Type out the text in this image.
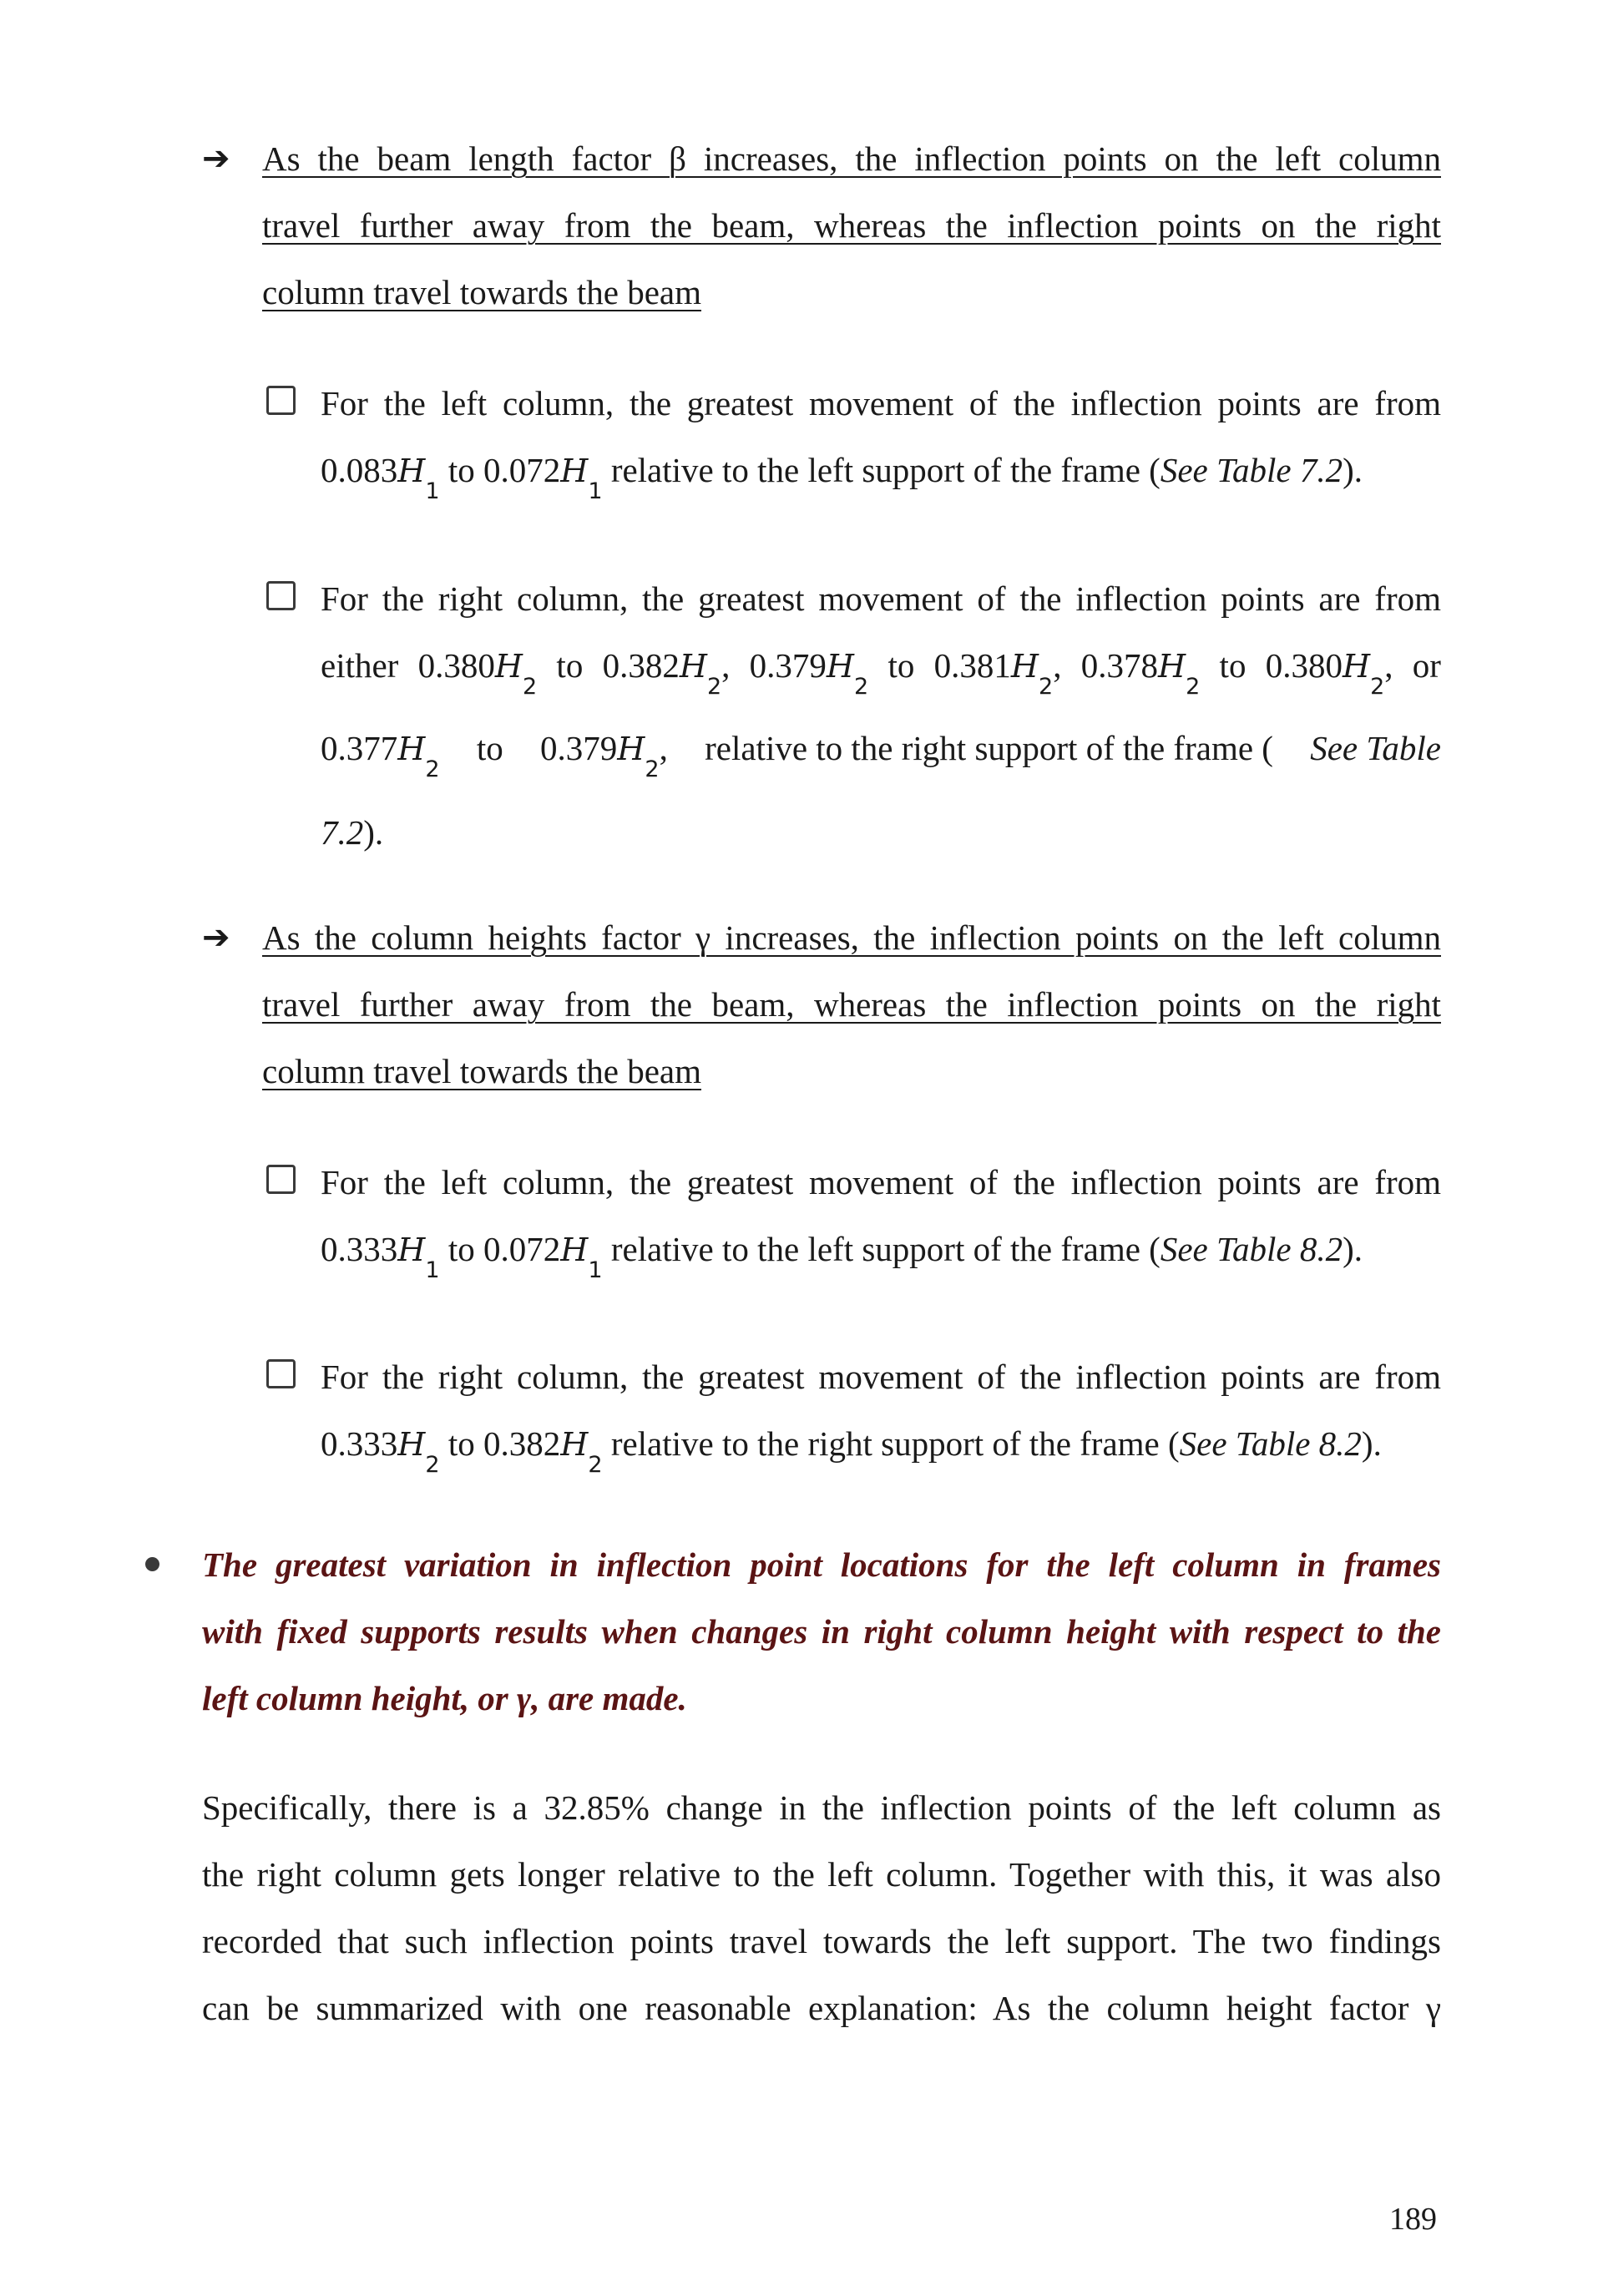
➔ As the beam length factor β increases, the inflection points on the left column
travel further away from the beam, whereas the inflection points on the right
column travel towards the beam
For the left column, the greatest movement of the inflection points are from
$0.083H_1$ to $0.072H_1$ relative to the left support of the frame (See Table 7.2).
For the right column, the greatest movement of the inflection points are from
either $0.380H_2$
to $0.382H_2$, $0.379H_2$
to $0.381H_2$, $0.378H_2$
to $0.380H_2$, or
$0.377H_2$
to $0.379H_2$, relative to the right support of the frame ( See Table
7.2).
➔ As the column heights factor γ increases, the inflection points on the left column
travel further away from the beam, whereas the inflection points on the right
column travel towards the beam
For the left column, the greatest movement of the inflection points are from
$0.333H_1$ to $0.072H_1$ relative to the left support of the frame (See Table 8.2).
For the right column, the greatest movement of the inflection points are from
$0.333H_2$ to $0.382H_2$ relative to the right support of the frame (See Table 8.2).
The greatest variation in inflection point locations for the left column in frames
with fixed supports results when changes in right column height with respect to the
left column height, or γ, are made.
Specifically, there is a 32.85% change in the inflection points of the left column as
the right column gets longer relative to the left column. Together with this, it was also
recorded that such inflection points travel towards the left support. The two findings
can be summarized with one reasonable explanation: As the column height factor γ
189
